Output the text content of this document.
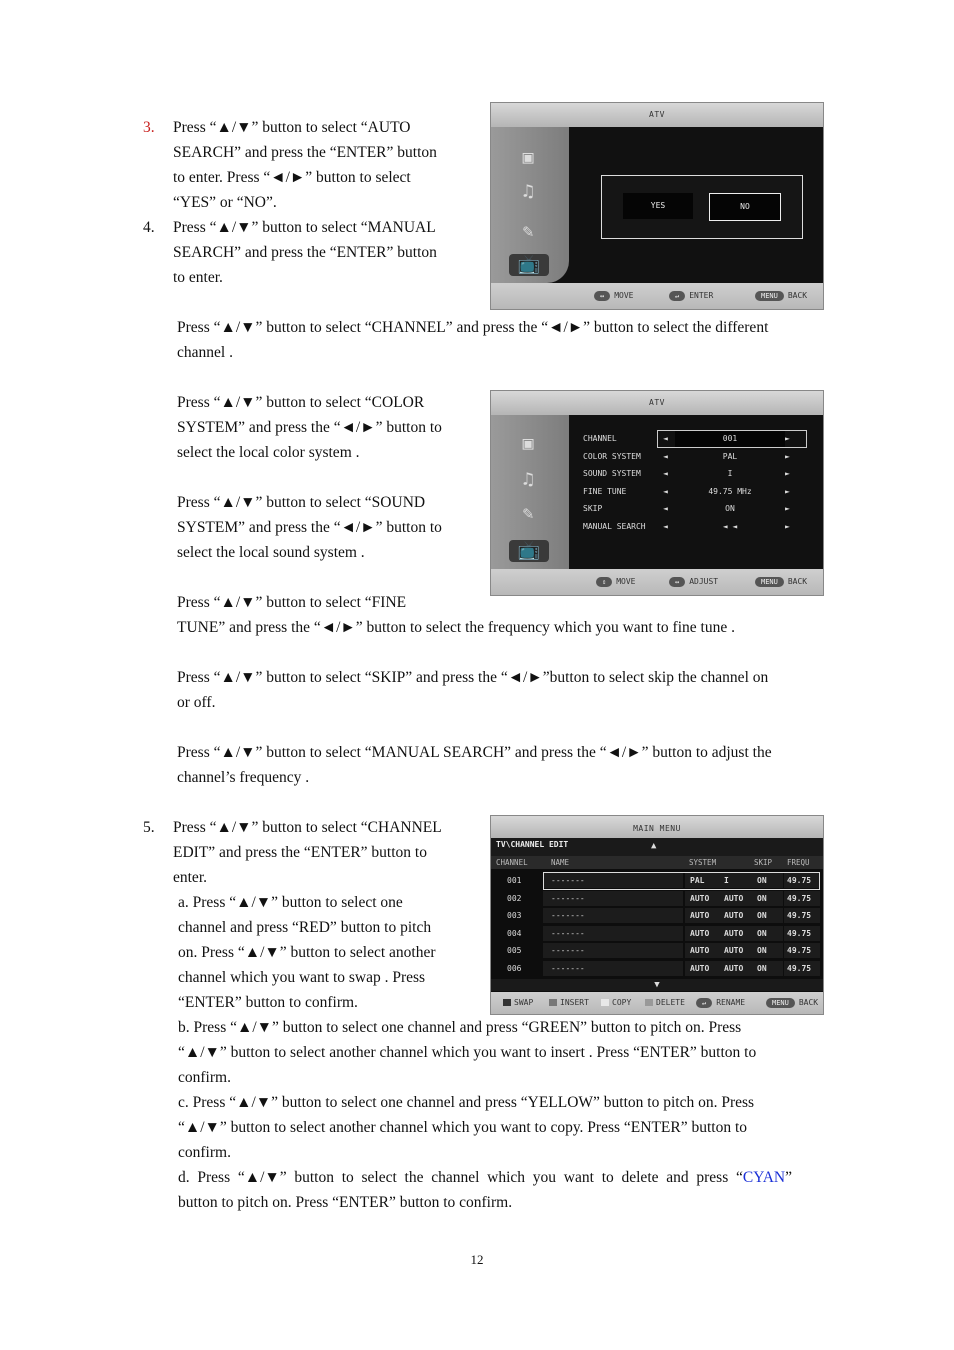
3. Press “▲/▼” button to select “AUTO
SEARCH” and press the “ENTER” button
to enter. Press “◄/►” button to select
“YES” or “NO”.
4. Press “▲/▼” button to select “MANUAL
SEARCH” and press the “ENTER” button
to enter.
ATV
▣
♫
✎
📺
YES	NO
↔ MOVE	↵ ENTER	MENU BACK
Press “▲/▼” button to select “CHANNEL” and press the “◄/►” button to select the different
channel .
Press “▲/▼” button to select “COLOR
SYSTEM” and press the “◄/►” button to
select the local color system .
Press “▲/▼” button to select “SOUND
SYSTEM” and press the “◄/►” button to
select the local sound system .
ATV
▣
♫
✎
📺
CHANNEL	◄	001	►
COLOR SYSTEM	◄	PAL	►
SOUND SYSTEM	◄	I	►
FINE TUNE	◄	49.75 MHz	►
SKIP	◄	ON	►
MANUAL SEARCH ◄	◄ ◄	►
⇕ MOVE	↔ ADJUST	MENU BACK
Press “▲/▼” button to select “FINE
TUNE” and press the “◄/►” button to select the frequency which you want to fine tune .
Press “▲/▼” button to select “SKIP” and press the “◄/►”button to select skip the channel on
or off.
Press “▲/▼” button to select “MANUAL SEARCH” and press the “◄/►” button to adjust the
channel’s frequency .
5. Press “▲/▼” button to select “CHANNEL
EDIT” and press the “ENTER” button to
enter.
a. Press “▲/▼” button to select one
channel and press “RED” button to pitch
on. Press “▲/▼” button to select another
channel which you want to swap . Press
“ENTER” button to confirm.
MAIN MENU
TV\CHANNEL EDIT	▲
CHANNEL	NAME	SYSTEM	SKIP FREQU
001	-------	PAL I	ON	49.75
002	-------	AUTO AUTO ON	49.75
003	-------	AUTO AUTO ON	49.75
004	-------	AUTO AUTO ON	49.75
005	-------	AUTO AUTO ON	49.75
006	-------	AUTO AUTO ON	49.75
▼
SWAP	INSERT	COPY	DELETE	↵ RENAME	MENU BACK
b. Press “▲/▼” button to select one channel and press “GREEN” button to pitch on. Press
“▲/▼” button to select another channel which you want to insert . Press “ENTER” button to
confirm.
c. Press “▲/▼” button to select one channel and press “YELLOW” button to pitch on. Press
“▲/▼” button to select another channel which you want to copy. Press “ENTER” button to
confirm.
d.  Press  “▲/▼”  button  to  select  the  channel  which  you  want  to  delete  and  press  “CYAN”
button to pitch on. Press “ENTER” button to confirm.
12
